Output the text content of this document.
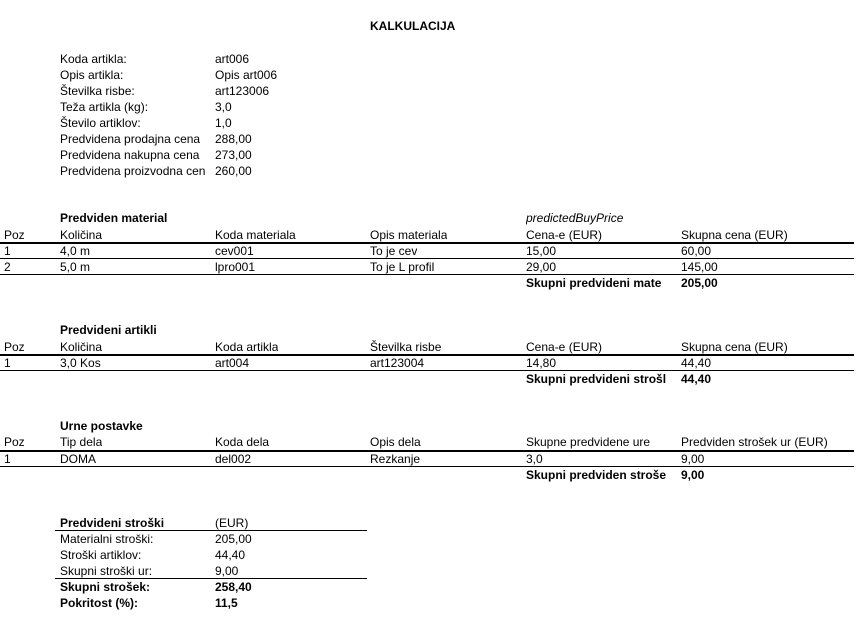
KALKULACIJA
Koda artikla:	art006
Opis artikla:	Opis art006
Številka risbe:	art123006
Teža artikla (kg):	3,0
Število artiklov:	1,0
Predvidena prodajna cena	288,00
Predvidena nakupna cena	273,00
Predvidena proizvodna cen 260,00
Predviden material	predictedBuyPrice
Poz	Količina	Koda materiala	Opis materiala	Cena-e (EUR)	Skupna cena (EUR)
1	4,0 m	cev001	To je cev	15,00	60,00
2	5,0 m	lpro001	To je L profil	29,00	145,00
Skupni predvideni mate	205,00
Predvideni artikli
Poz	Količina	Koda artikla	Številka risbe	Cena-e (EUR)	Skupna cena (EUR)
1	3,0 Kos	art004	art123004	14,80	44,40
Skupni predvideni strošl	44,40
Urne postavke
Poz	Tip dela	Koda dela	Opis dela	Skupne predvidene ure	Predviden strošek ur (EUR)
1	DOMA	del002	Rezkanje	3,0	9,00
Skupni predviden strošе	9,00
Predvideni stroški	(EUR)
Materialni stroški:	205,00
Stroški artiklov:	44,40
Skupni stroški ur:	9,00
Skupni strošek:	258,40
Pokritost (%):	11,5
